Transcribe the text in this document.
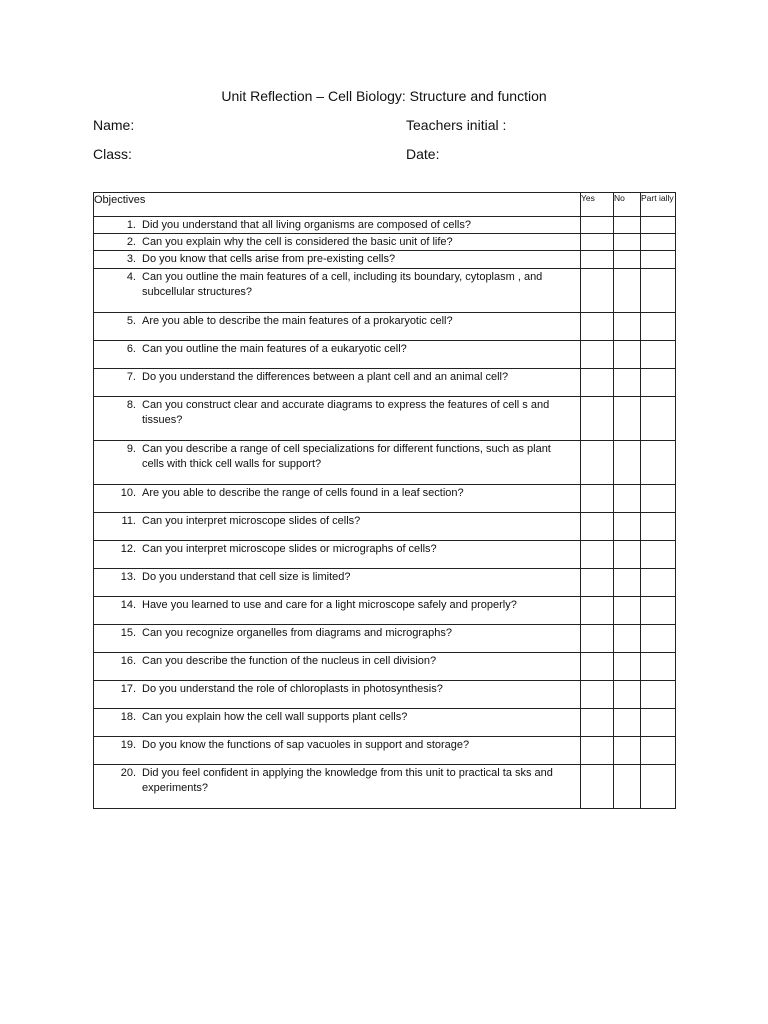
Unit Reflection – Cell Biology: Structure and function
Name:	Teachers initial :
Class:	Date:
Objectives	Yes	No	Part ially

1. Did you understand that all living organisms are composed of cells?			

2. Can you explain why the cell is considered the basic unit of life?			

3. Do you know that cells arise from pre-existing cells?			

4. Can you outline the main features of a cell, including its boundary, cytoplasm , and subcellular structures?			

5. Are you able to describe the main features of a prokaryotic cell?			

6. Can you outline the main features of a eukaryotic cell?			

7. Do you understand the differences between a plant cell and an animal cell?			

8. Can you construct clear and accurate diagrams to express the features of cell s and tissues?			

9. Can you describe a range of cell specializations for different functions, such as plant cells with thick cell walls for support?			

10. Are you able to describe the range of cells found in a leaf section?			

11. Can you interpret microscope slides of cells?			

12. Can you interpret microscope slides or micrographs of cells?			

13. Do you understand that cell size is limited?			

14. Have you learned to use and care for a light microscope safely and properly?			

15. Can you recognize organelles from diagrams and micrographs?			

16. Can you describe the function of the nucleus in cell division?			

17. Do you understand the role of chloroplasts in photosynthesis?			

18. Can you explain how the cell wall supports plant cells?			

19. Do you know the functions of sap vacuoles in support and storage?			

20. Did you feel confident in applying the knowledge from this unit to practical ta sks and experiments?			
